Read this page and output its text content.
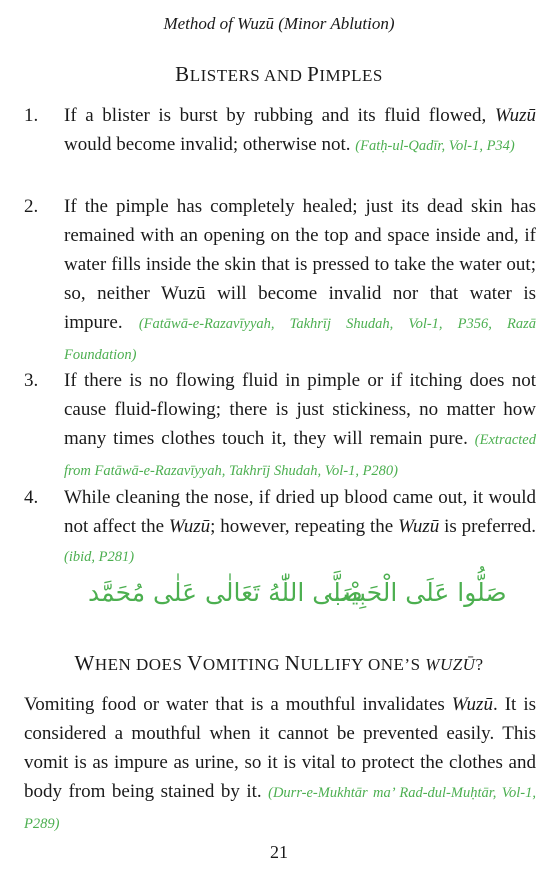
Method of Wuzū (Minor Ablution)
BLISTERS AND PIMPLES
1.	If a blister is burst by rubbing and its fluid flowed, Wuzū would become invalid; otherwise not. (Fatḥ-ul-Qadīr, Vol-1, P34)
2.	If the pimple has completely healed; just its dead skin has remained with an opening on the top and space inside and, if water fills inside the skin that is pressed to take the water out; so, neither Wuzū will become invalid nor that water is impure. (Fatāwā-e-Razavīyyah, Takhrīj Shudah, Vol-1, P356, Razā Foundation)
3.	If there is no flowing fluid in pimple or if itching does not cause fluid-flowing; there is just stickiness, no matter how many times clothes touch it, they will remain pure. (Extracted from Fatāwā-e-Razavīyyah, Takhrīj Shudah, Vol-1, P280)
4.	While cleaning the nose, if dried up blood came out, it would not affect the Wuzū; however, repeating the Wuzū is preferred. (ibid, P281)
صَلَّی اللّٰهُ تَعَالٰی عَلٰی مُحَمَّد
صَلُّوا عَلَی الْحَبِیْب
WHEN DOES VOMITING NULLIFY ONE’S WUZŪ?
Vomiting food or water that is a mouthful invalidates Wuzū. It is considered a mouthful when it cannot be prevented easily. This vomit is as impure as urine, so it is vital to protect the clothes and body from being stained by it. (Durr-e-Mukhtār ma’ Rad-dul-Muḥtār, Vol-1, P289)
21
